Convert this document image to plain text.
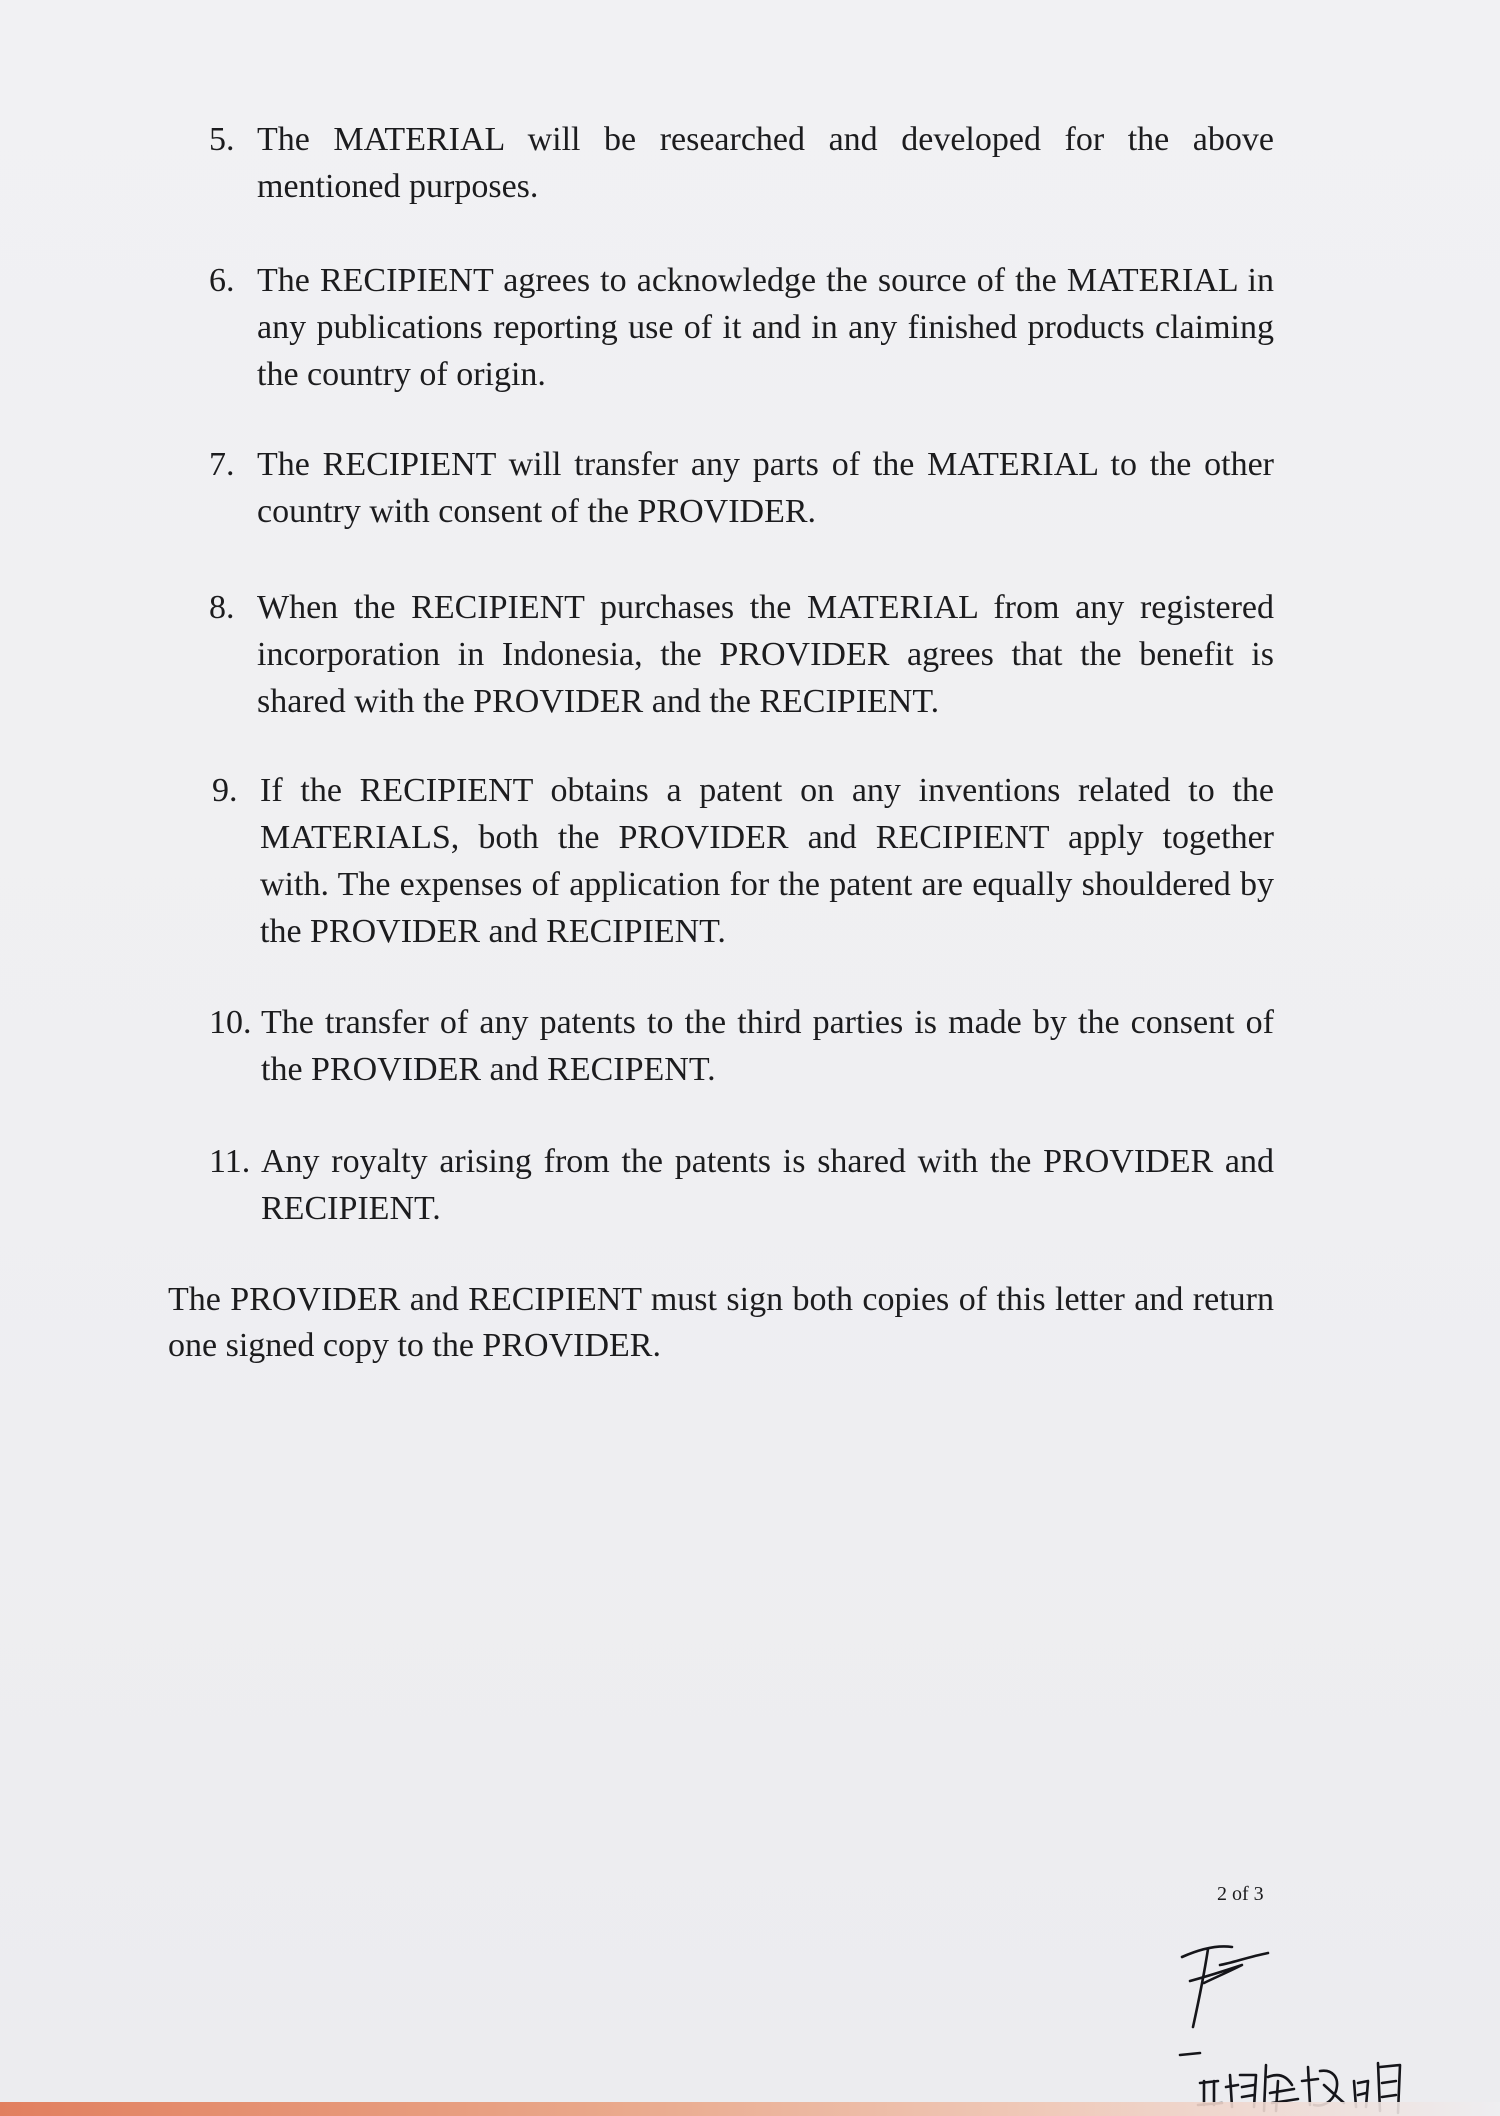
5. The MATERIAL will be researched and developed for the above mentioned purposes.
6. The RECIPIENT agrees to acknowledge the source of the MATERIAL in any publications reporting use of it and in any finished products claiming the country of origin.
7. The RECIPIENT will transfer any parts of the MATERIAL to the other country with consent of the PROVIDER.
8. When the RECIPIENT purchases the MATERIAL from any registered incorporation in Indonesia, the PROVIDER agrees that the benefit is shared with the PROVIDER and the RECIPIENT.
9. If the RECIPIENT obtains a patent on any inventions related to the MATERIALS, both the PROVIDER and RECIPIENT apply together with. The expenses of application for the patent are equally shouldered by the PROVIDER and RECIPIENT.
10. The transfer of any patents to the third parties is made by the consent of the PROVIDER and RECIPENT.
11. Any royalty arising from the patents is shared with the PROVIDER and RECIPIENT.
The PROVIDER and RECIPIENT must sign both copies of this letter and return one signed copy to the PROVIDER.
2 of 3
